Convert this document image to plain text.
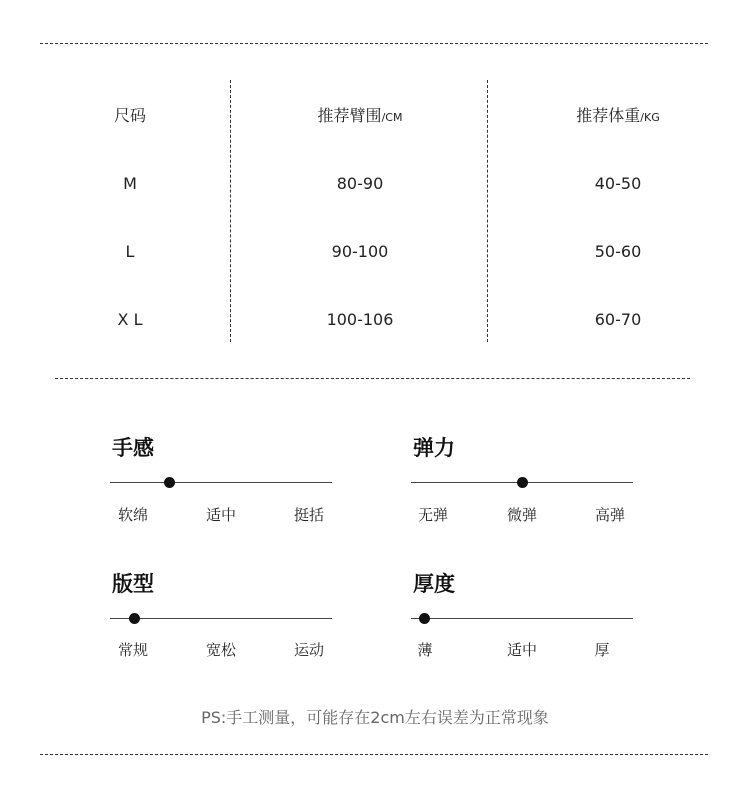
尺码	推荐臂围/CM	推荐体重/KG
M	80-90	40-50
L	90-100	50-60
X L	100-106	60-70
手感
软绵	适中	挺括
弹力
无弹	微弹	高弹
版型
常规	宽松	运动
厚度
薄	适中	厚
PS:手工测量，可能存在2cm左右误差为正常现象
